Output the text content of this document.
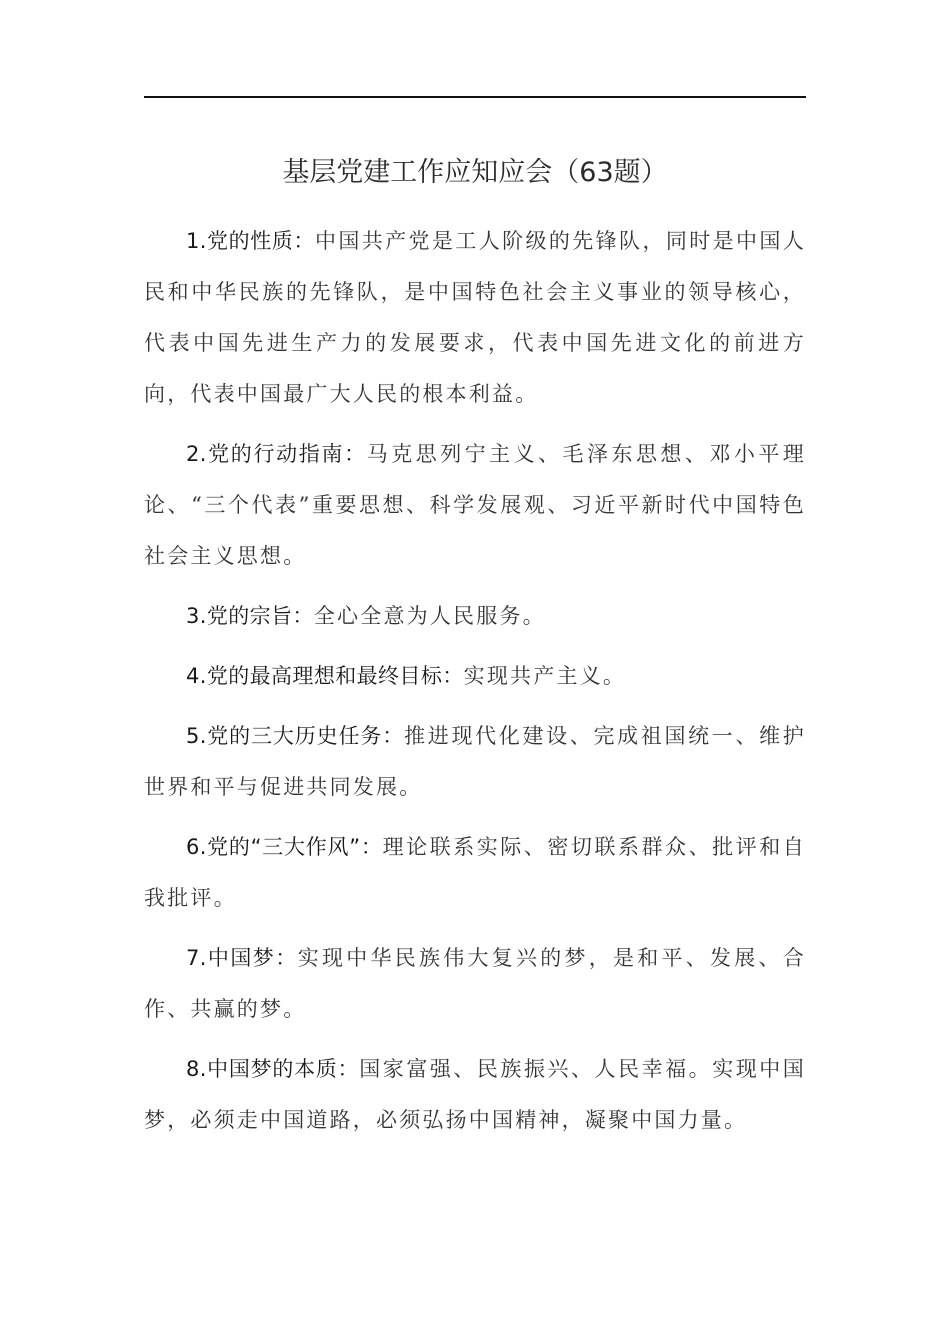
基层党建工作应知应会（63题）

1.党的性质：中国共产党是工人阶级的先锋队，同时是中国人民和中华民族的先锋队，是中国特色社会主义事业的领导核心，代表中国先进生产力的发展要求，代表中国先进文化的前进方向，代表中国最广大人民的根本利益。

2.党的行动指南：马克思列宁主义、毛泽东思想、邓小平理论、“三个代表”重要思想、科学发展观、习近平新时代中国特色社会主义思想。

3.党的宗旨：全心全意为人民服务。

4.党的最高理想和最终目标：实现共产主义。

5.党的三大历史任务：推进现代化建设、完成祖国统一、维护世界和平与促进共同发展。

6.党的“三大作风”：理论联系实际、密切联系群众、批评和自我批评。

7.中国梦：实现中华民族伟大复兴的梦，是和平、发展、合作、共赢的梦。

8.中国梦的本质：国家富强、民族振兴、人民幸福。实现中国梦，必须走中国道路，必须弘扬中国精神，凝聚中国力量。
